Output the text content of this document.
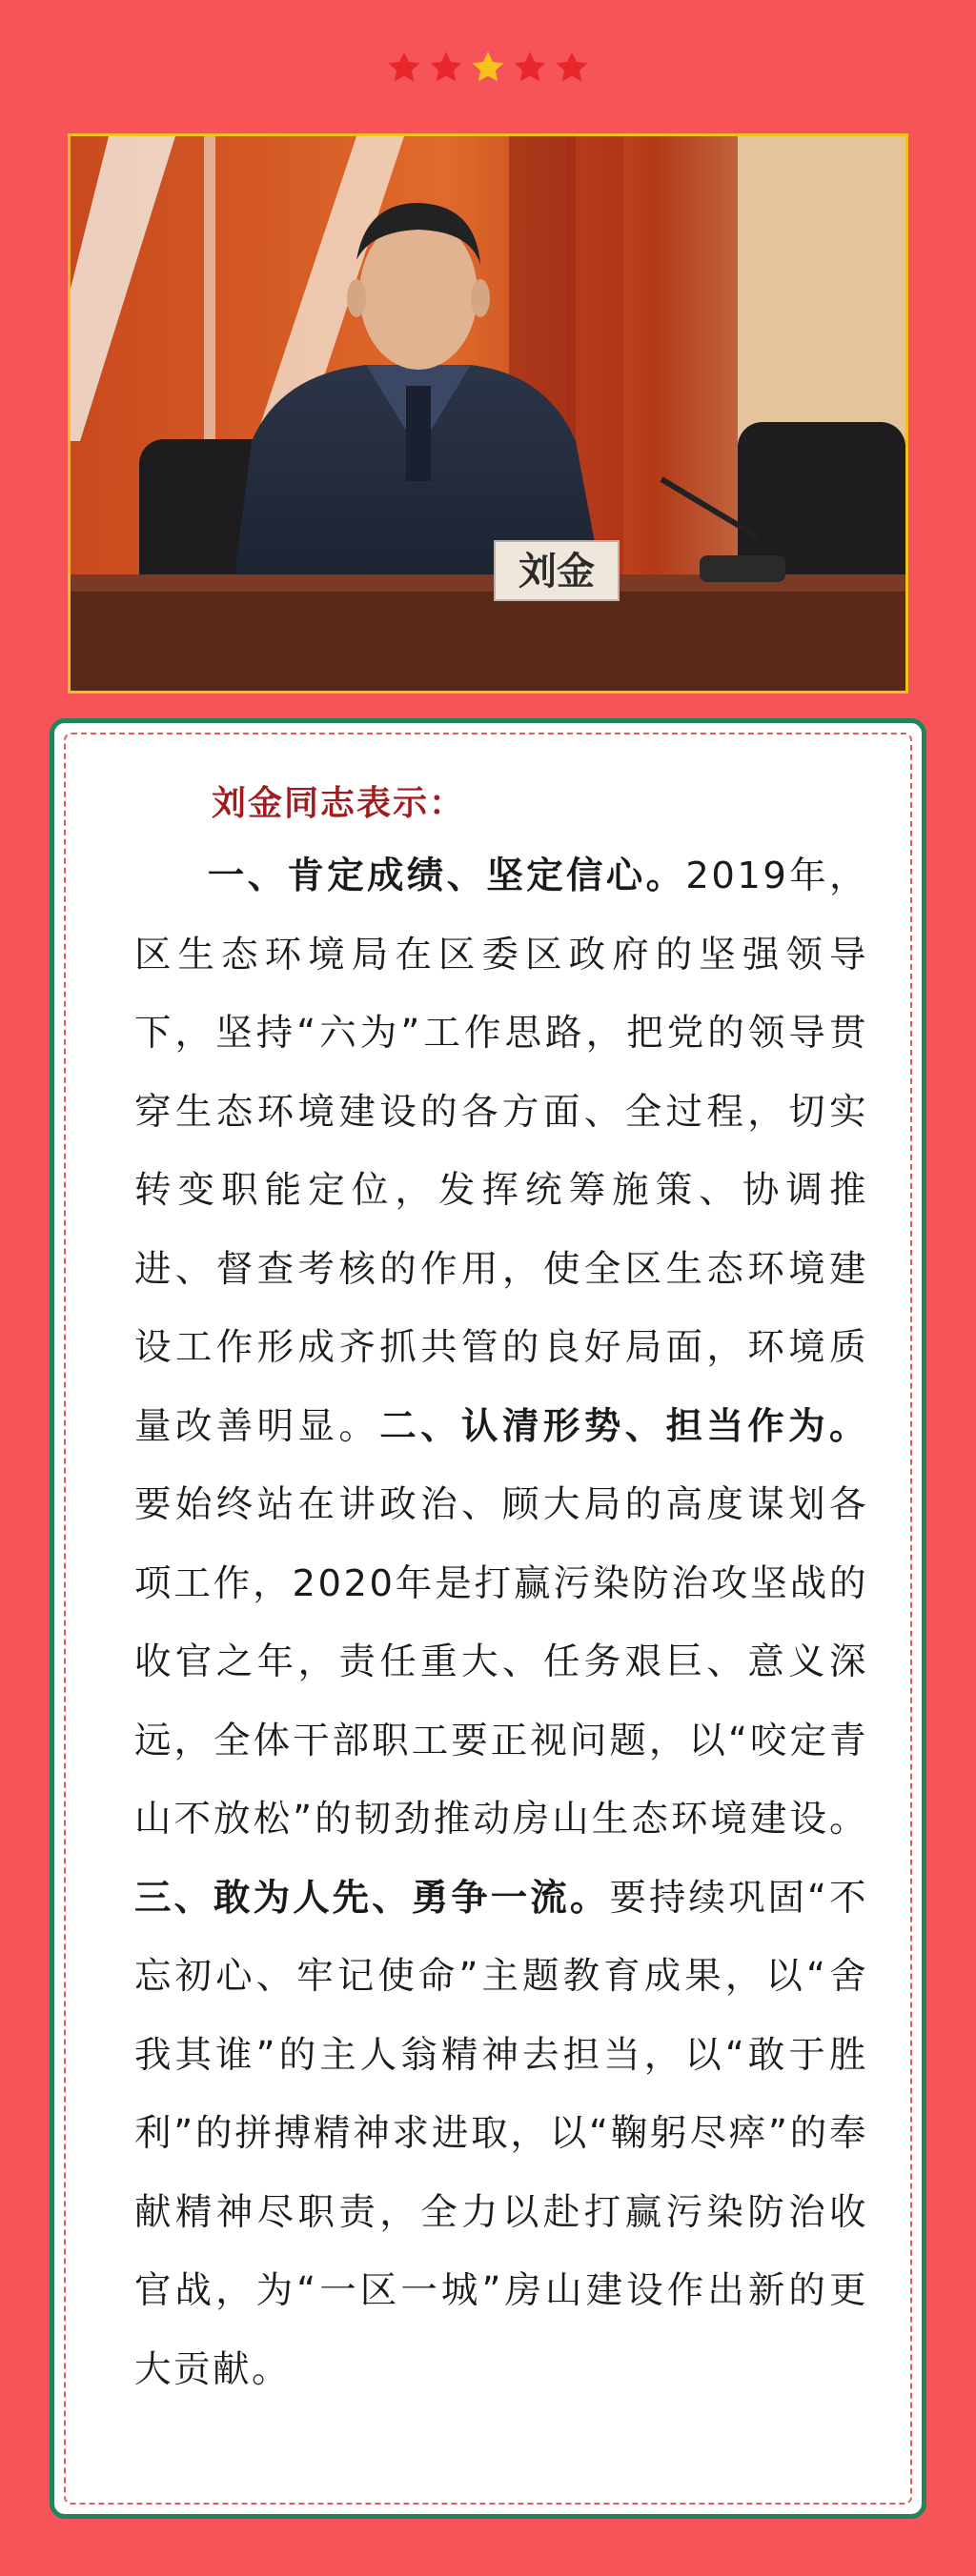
刘金

刘金同志表示：

一、肯定成绩、坚定信心。2019年，区生态环境局在区委区政府的坚强领导下，坚持“六为”工作思路，把党的领导贯穿生态环境建设的各方面、全过程，切实转变职能定位，发挥统筹施策、协调推进、督查考核的作用，使全区生态环境建设工作形成齐抓共管的良好局面，环境质量改善明显。二、认清形势、担当作为。要始终站在讲政治、顾大局的高度谋划各项工作，2020年是打赢污染防治攻坚战的收官之年，责任重大、任务艰巨、意义深远，全体干部职工要正视问题，以“咬定青山不放松”的韧劲推动房山生态环境建设。三、敢为人先、勇争一流。要持续巩固“不忘初心、牢记使命”主题教育成果，以“舍我其谁”的主人翁精神去担当，以“敢于胜利”的拼搏精神求进取，以“鞠躬尽瘁”的奉献精神尽职责，全力以赴打赢污染防治收官战，为“一区一城”房山建设作出新的更大贡献。
